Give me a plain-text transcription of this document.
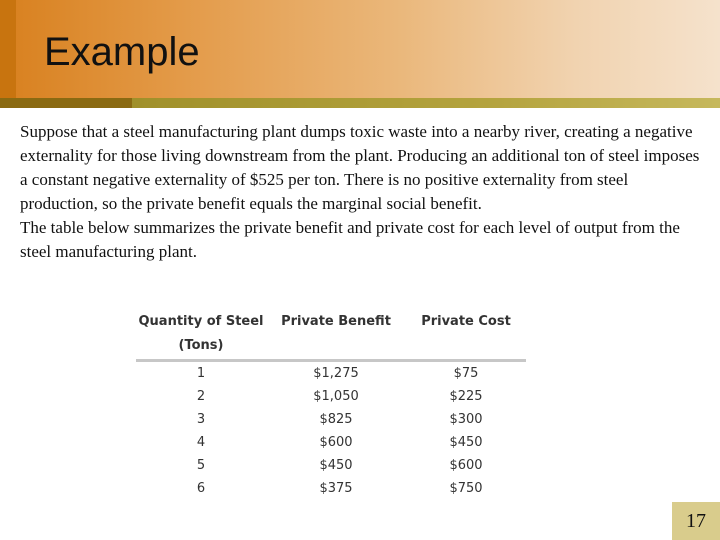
Example

Suppose that a steel manufacturing plant dumps toxic waste into a nearby river, creating a negative externality for those living downstream from the plant. Producing an additional ton of steel imposes a constant negative externality of $525 per ton. There is no positive externality from steel production, so the private benefit equals the marginal social benefit.

The table below summarizes the private benefit and private cost for each level of output from the steel manufacturing plant.

Quantity of Steel	Private Benefit	Private Cost
(Tons)		
1	$1,275	$75
2	$1,050	$225
3	$825	$300
4	$600	$450
5	$450	$600
6	$375	$750
17
